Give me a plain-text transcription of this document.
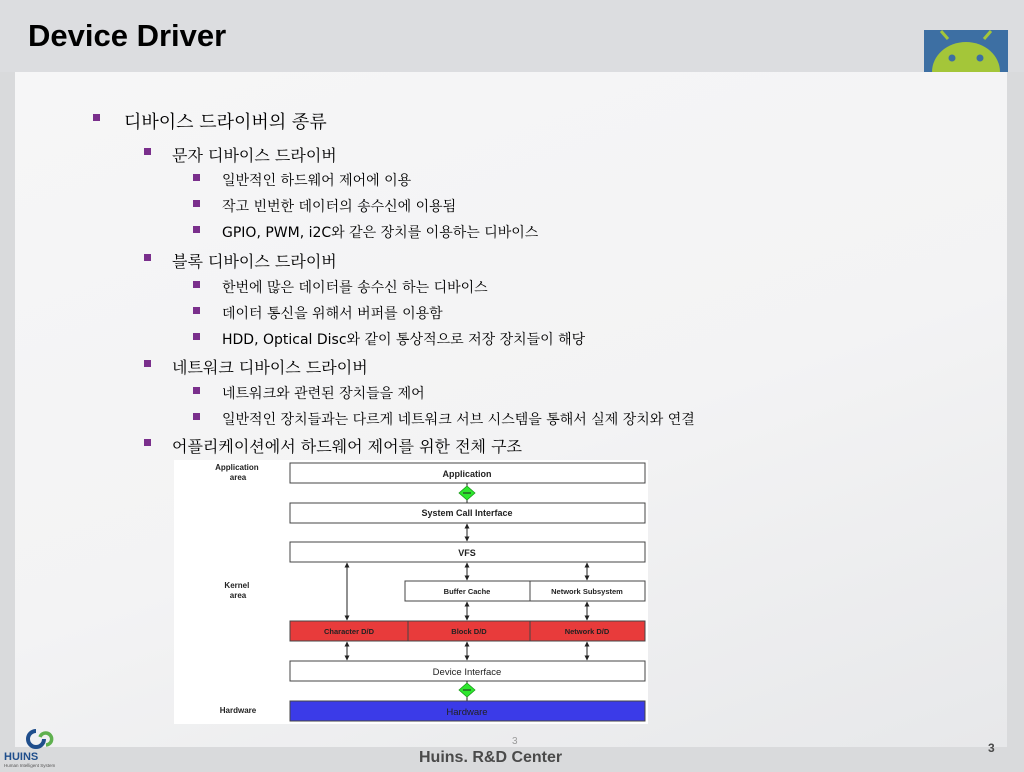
Device Driver
디바이스 드라이버의 종류
문자 디바이스 드라이버
일반적인 하드웨어 제어에 이용
작고 빈번한 데이터의 송수신에 이용됨
GPIO, PWM, i2C와 같은 장치를 이용하는 디바이스
블록 디바이스 드라이버
한번에 많은 데이터를 송수신 하는 디바이스
데이터 통신을 위해서 버퍼를 이용함
HDD, Optical Disc와 같이 통상적으로 저장 장치들이 해당
네트워크 디바이스 드라이버
네트워크와 관련된 장치들을 제어
일반적인 장치들과는 다르게 네트워크 서브 시스템을 통해서 실제 장치와 연결
어플리케이션에서 하드웨어 제어를 위한 전체 구조
Application area
Kernel area
Hardware
Application
System Call Interface
VFS
Buffer Cache	Network Subsystem
Character D/D	Block D/D	Network D/D
Device Interface
Hardware
HUINS
Human Intelligent System
3
Huins. R&D Center
3
